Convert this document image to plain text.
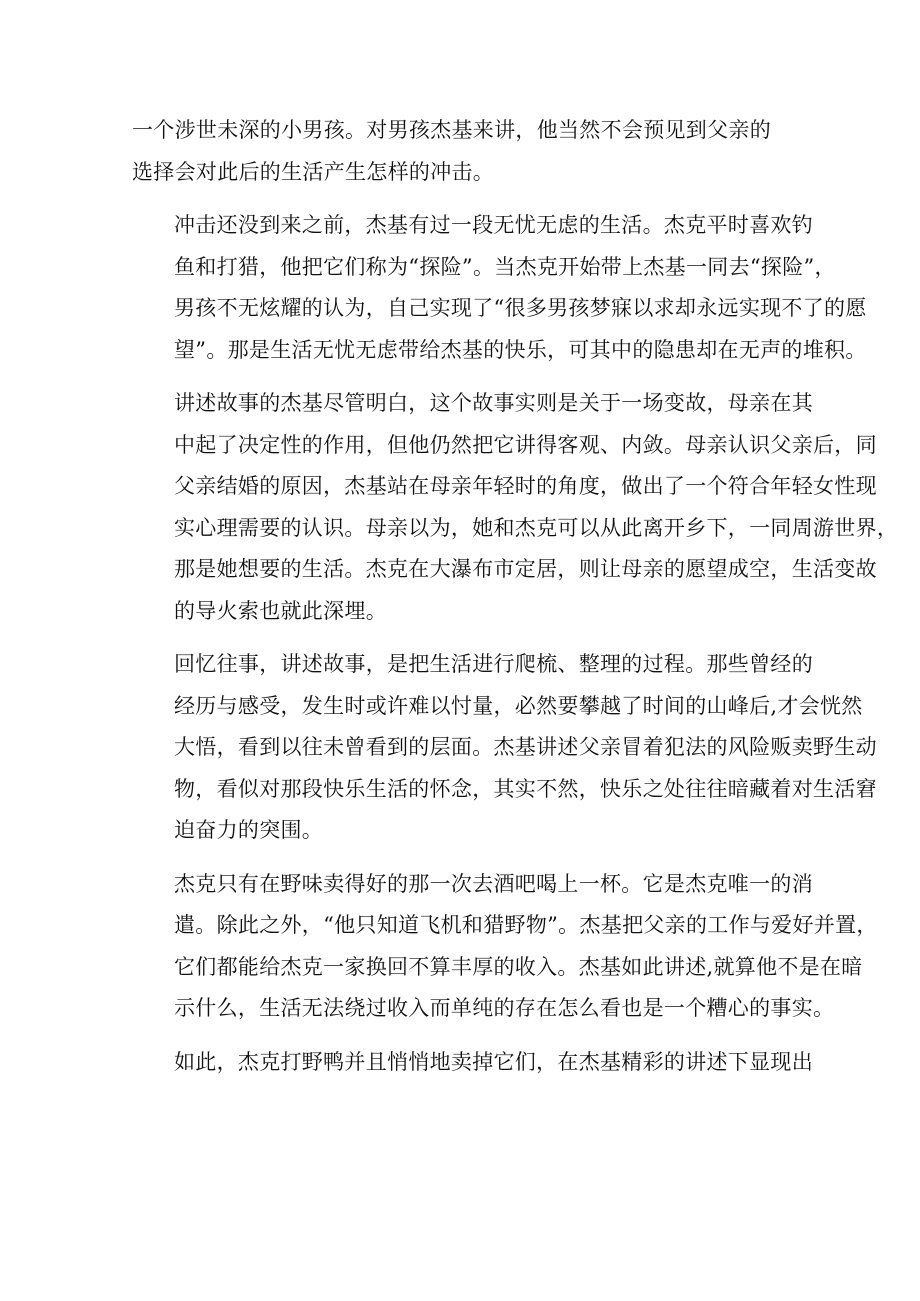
一个涉世未深的小男孩。对男孩杰基来讲，他当然不会预见到父亲的
选择会对此后的生活产生怎样的冲击。

冲击还没到来之前，杰基有过一段无忧无虑的生活。杰克平时喜欢钓
鱼和打猎，他把它们称为“探险”。当杰克开始带上杰基一同去“探险”，
男孩不无炫耀的认为，自己实现了“很多男孩梦寐以求却永远实现不了的愿
望”。那是生活无忧无虑带给杰基的快乐，可其中的隐患却在无声的堆积。

讲述故事的杰基尽管明白，这个故事实则是关于一场变故，母亲在其
中起了决定性的作用，但他仍然把它讲得客观、内敛。母亲认识父亲后，同
父亲结婚的原因，杰基站在母亲年轻时的角度，做出了一个符合年轻女性现
实心理需要的认识。母亲以为，她和杰克可以从此离开乡下，一同周游世界，
那是她想要的生活。杰克在大瀑布市定居，则让母亲的愿望成空，生活变故
的导火索也就此深埋。

回忆往事，讲述故事，是把生活进行爬梳、整理的过程。那些曾经的
经历与感受，发生时或许难以忖量，必然要攀越了时间的山峰后,才会恍然
大悟，看到以往未曾看到的层面。杰基讲述父亲冒着犯法的风险贩卖野生动
物，看似对那段快乐生活的怀念，其实不然，快乐之处往往暗藏着对生活窘
迫奋力的突围。

杰克只有在野味卖得好的那一次去酒吧喝上一杯。它是杰克唯一的消
遣。除此之外，“他只知道飞机和猎野物”。杰基把父亲的工作与爱好并置，
它们都能给杰克一家换回不算丰厚的收入。杰基如此讲述,就算他不是在暗
示什么，生活无法绕过收入而单纯的存在怎么看也是一个糟心的事实。

如此，杰克打野鸭并且悄悄地卖掉它们，在杰基精彩的讲述下显现出
